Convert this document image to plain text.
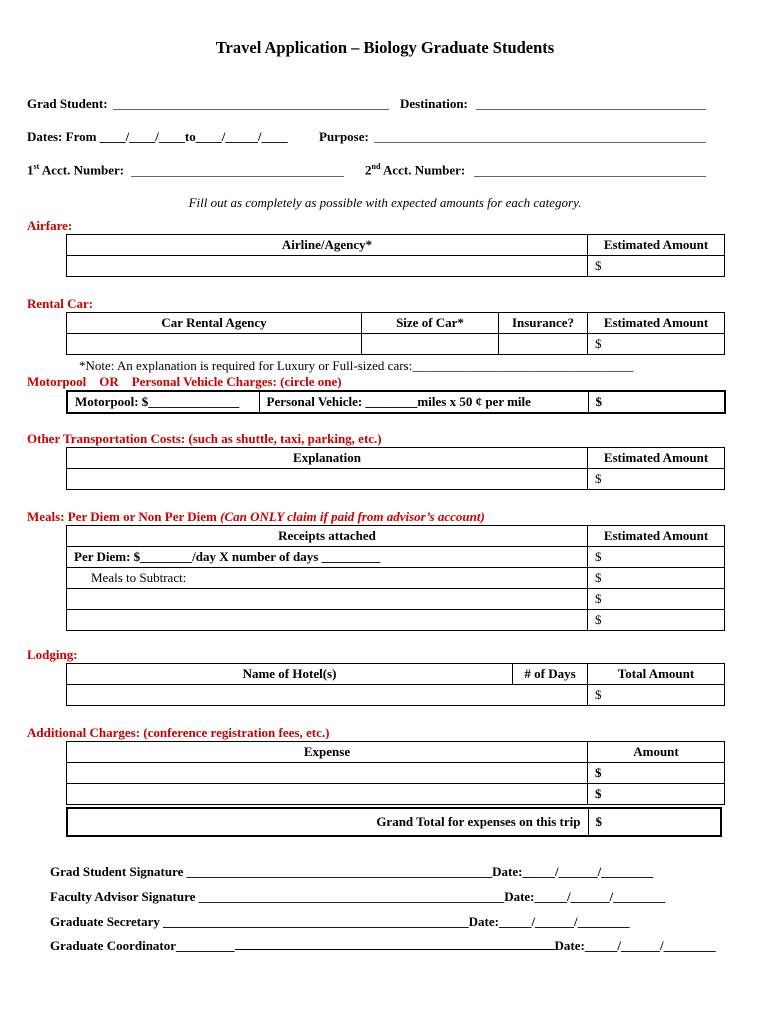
Travel Application – Biology Graduate Students
Grad Student:	Destination:
Dates: From ____/____/____to____/_____/____ Purpose:
1st Acct. Number:	2nd Acct. Number:
Fill out as completely as possible with expected amounts for each category.
Airfare:
Airline/Agency*	Estimated Amount
	$
Rental Car:
Car Rental Agency	Size of Car*	Insurance?	Estimated Amount
			$
*Note: An explanation is required for Luxury or Full-sized cars:__________________________________
Motorpool OR Personal Vehicle Charges: (circle one)
Motorpool: $______________	Personal Vehicle: ________miles x 50 ¢ per mile	$
Other Transportation Costs: (such as shuttle, taxi, parking, etc.)
Explanation	Estimated Amount
	$
Meals: Per Diem or Non Per Diem (Can ONLY claim if paid from advisor’s account)
Receipts attached	Estimated Amount
Per Diem: $________/day X number of days _________	$
Meals to Subtract:	$
	$
	$
Lodging:
Name of Hotel(s)	# of Days	Total Amount
		$
Additional Charges: (conference registration fees, etc.)
Expense	Amount
	$
	$
Grand Total for expenses on this trip	$
Grad Student Signature _______________________________________________Date:_____/______/________
Faculty Advisor Signature _______________________________________________Date:_____/______/________
Graduate Secretary _______________________________________________Date:_____/______/________
Graduate Coordinator_________	Date:_____/______/________
